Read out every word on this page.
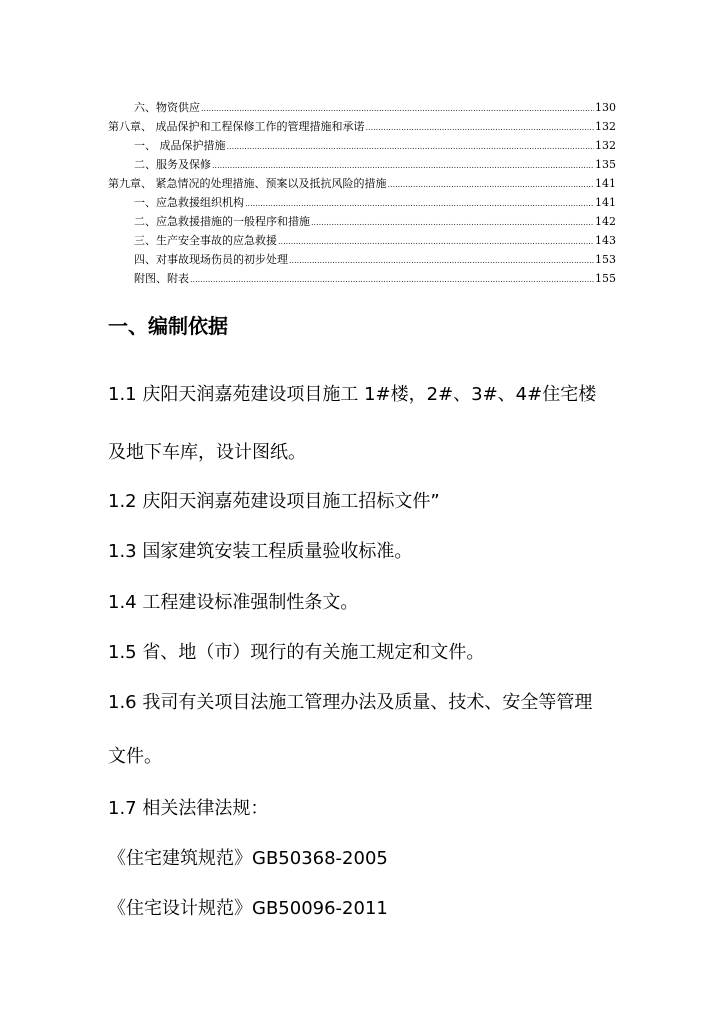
六、物资供应 .....	130
第八章、 成品保护和工程保修工作的管理措施和承诺 .....	132
一、 成品保护措施 .....	132
二、服务及保修 .....	135
第九章、 紧急情况的处理措施、预案以及抵抗风险的措施 .....	141
一、应急救援组织机构 .....	141
二、应急救援措施的一般程序和措施 .....	142
三、生产安全事故的应急救援 .....	143
四、对事故现场伤员的初步处理 .....	153
附图、附表 .....	155
一、编制依据
1.1 庆阳天润嘉苑建设项目施工 1#楼，2#、3#、4#住宅楼
及地下车库，设计图纸。
1.2 庆阳天润嘉苑建设项目施工招标文件”
1.3 国家建筑安装工程质量验收标准。
1.4 工程建设标准强制性条文。
1.5 省、地（市）现行的有关施工规定和文件。
1.6 我司有关项目法施工管理办法及质量、技术、安全等管理
文件。
1.7 相关法律法规：
《住宅建筑规范》GB50368-2005
《住宅设计规范》GB50096-2011
